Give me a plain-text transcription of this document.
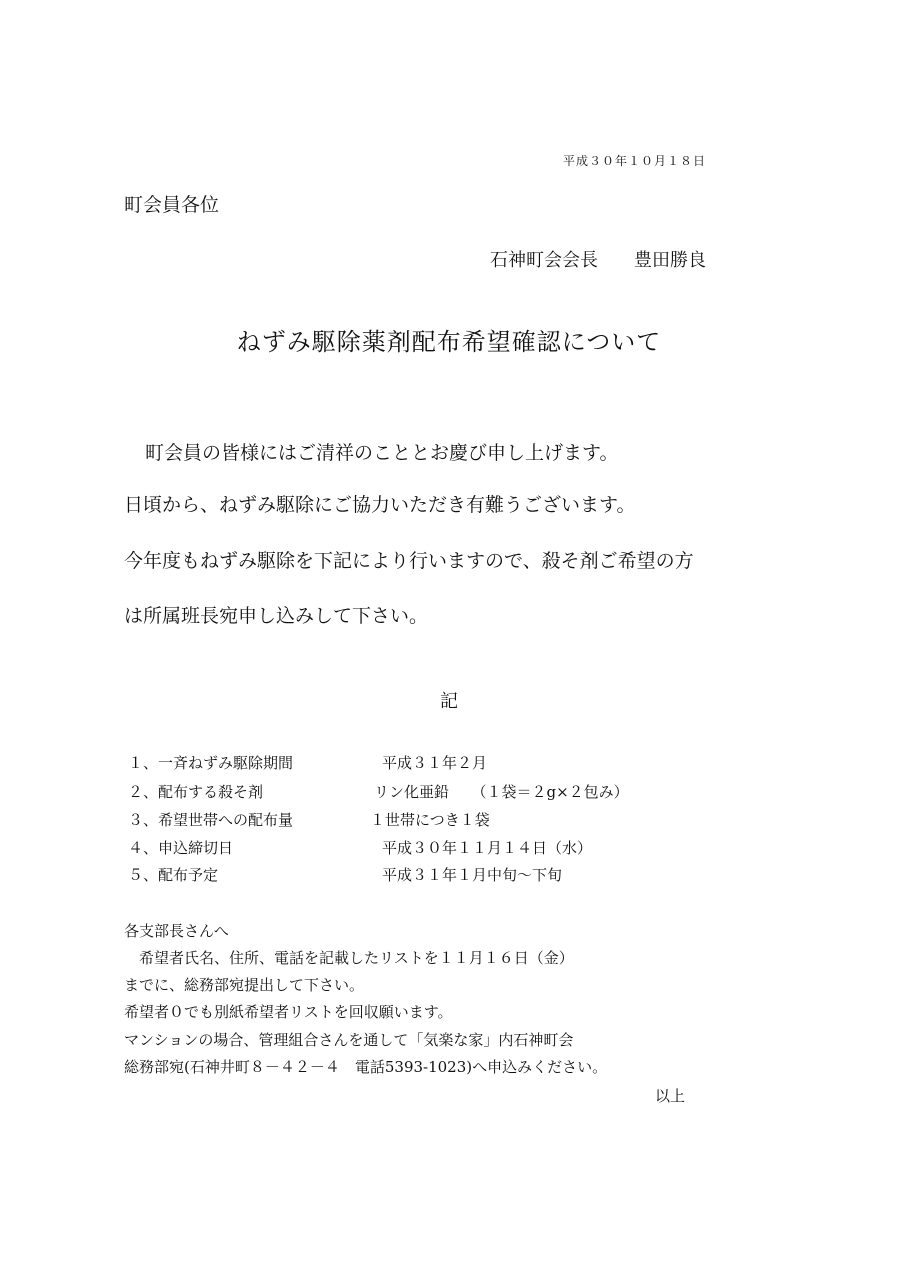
平成３０年１０月１８日
町会員各位
石神町会会長 豊田勝良
ねずみ駆除薬剤配布希望確認について
町会員の皆様にはご清祥のこととお慶び申し上げます。
日頃から、ねずみ駆除にご協力いただき有難うございます。
今年度もねずみ駆除を下記により行いますので、殺そ剤ご希望の方
は所属班長宛申し込みして下さい。
記
１、一斉ねずみ駆除期間	平成３１年２月
２、配布する殺そ剤	リン化亜鉛　　（１袋＝２g×２包み）
３、希望世帯への配布量	１世帯につき１袋
４、申込締切日	平成３０年１１月１４日（水）
５、配布予定	平成３１年１月中旬～下旬
各支部長さんへ
　希望者氏名、住所、電話を記載したリストを１１月１６日（金）
までに、総務部宛提出して下さい。
希望者０でも別紙希望者リストを回収願います。
マンションの場合、管理組合さんを通して「気楽な家」内石神町会
総務部宛(石神井町８－４２－４　電話5393-1023)へ申込みください。
以上
